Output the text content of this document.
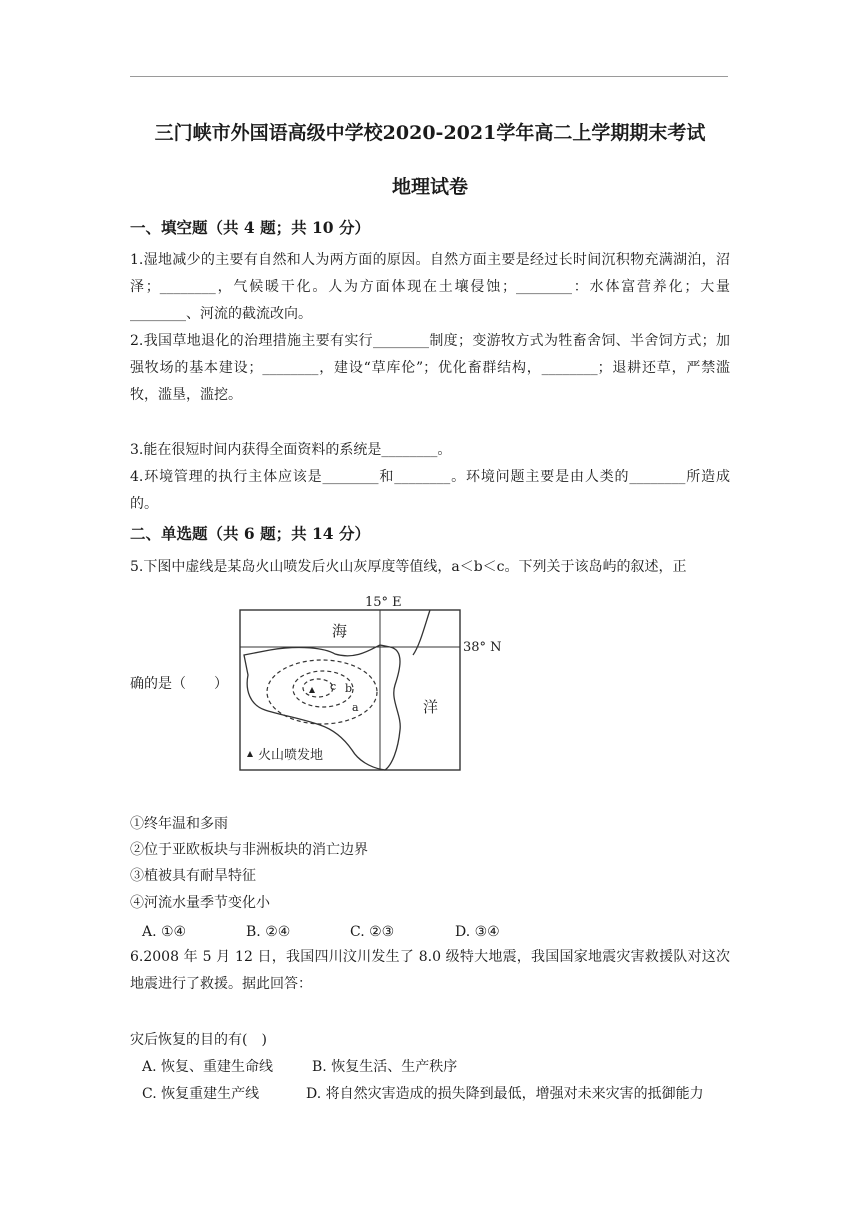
三门峡市外国语高级中学校2020-2021学年高二上学期期末考试
地理试卷
一、填空题（共 4 题；共 10 分）
1.湿地减少的主要有自然和人为两方面的原因。自然方面主要是经过长时间沉积物充满湖泊，沼泽；________，气候暖干化。人为方面体现在土壤侵蚀；________：水体富营养化；大量________、河流的截流改向。
2.我国草地退化的治理措施主要有实行________制度；变游牧方式为牲畜舍饲、半舍饲方式；加强牧场的基本建设；________，建设“草库伦”；优化畜群结构，________；退耕还草，严禁滥牧，滥垦，滥挖。
3.能在很短时间内获得全面资料的系统是________。
4.环境管理的执行主体应该是________和________。环境问题主要是由人类的________所造成的。
二、单选题（共 6 题；共 14 分）
5.下图中虚线是某岛火山喷发后火山灰厚度等值线，a＜b＜c。下列关于该岛屿的叙述，正
确的是（　　）	c b
a
15° E
38° N
海
洋
火山喷发地
①终年温和多雨
②位于亚欧板块与非洲板块的消亡边界
③植被具有耐旱特征
④河流水量季节变化小
A. ①④	B. ②④	C. ②③	D. ③④
6.2008 年 5 月 12 日，我国四川汶川发生了 8.0 级特大地震，我国国家地震灾害救援队对这次地震进行了救援。据此回答：
灾后恢复的目的有(　)
A. 恢复、重建生命线	B. 恢复生活、生产秩序
C. 恢复重建生产线	D. 将自然灾害造成的损失降到最低，增强对未来灾害的抵御能力
